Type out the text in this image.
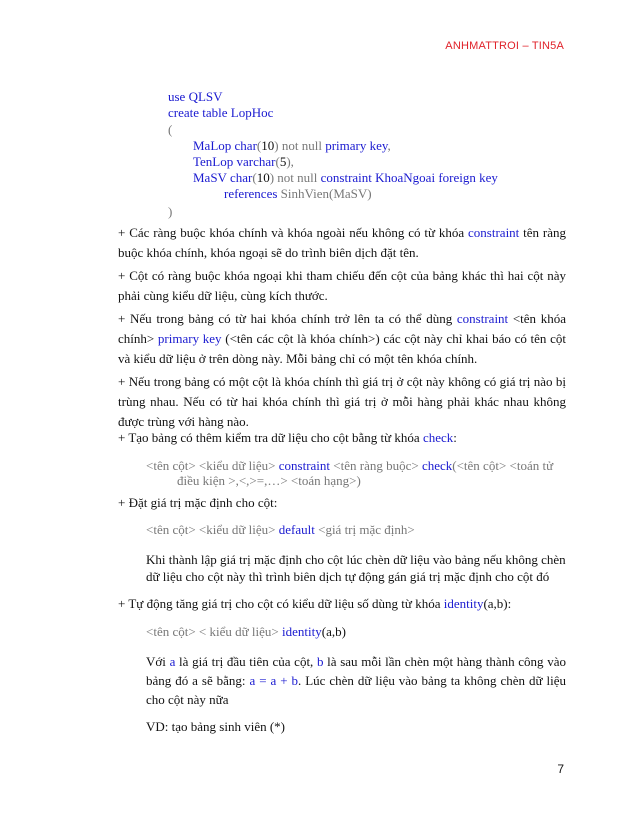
ANHMATTROI – TIN5A
use QLSV
create table LopHoc
(
MaLop char(10) not null primary key,
TenLop varchar(5),
MaSV char(10) not null constraint KhoaNgoai foreign key
references SinhVien(MaSV)
)
+ Các ràng buộc khóa chính và khóa ngoài nếu không có từ khóa constraint tên ràng buộc khóa chính, khóa ngoại sẽ do trình biên dịch đặt tên.
+ Cột có ràng buộc khóa ngoại khi tham chiếu đến cột của bảng khác thì hai cột này phải cùng kiểu dữ liệu, cùng kích thước.
+ Nếu trong bảng có từ hai khóa chính trở lên ta có thể dùng constraint <tên khóa chính> primary key (<tên các cột là khóa chính>) các cột này chỉ khai báo có tên cột và kiểu dữ liệu ở trên dòng này. Mỗi bảng chỉ có một tên khóa chính.
+ Nếu trong bảng có một cột là khóa chính thì giá trị ở cột này không có giá trị nào bị trùng nhau. Nếu có từ hai khóa chính thì giá trị ở mỗi hàng phải khác nhau không được trùng với hàng nào.
+ Tạo bảng có thêm kiểm tra dữ liệu cho cột bằng từ khóa check:
<tên cột> <kiểu dữ liệu> constraint <tên ràng buộc> check(<tên cột> <toán tử
điều kiện >,<,>=,…> <toán hạng>)
+ Đặt giá trị mặc định cho cột:
<tên cột> <kiểu dữ liệu> default <giá trị mặc định>
Khi thành lập giá trị mặc định cho cột lúc chèn dữ liệu vào bảng nếu không chèn dữ liệu cho cột này thì trình biên dịch tự động gán giá trị mặc định cho cột đó
+ Tự động tăng giá trị cho cột có kiểu dữ liệu số dùng từ khóa identity(a,b):
<tên cột> < kiểu dữ liệu> identity(a,b)
Với a là giá trị đầu tiên của cột, b là sau mỗi lần chèn một hàng thành công vào bảng đó a sẽ bằng: a = a + b. Lúc chèn dữ liệu vào bảng ta không chèn dữ liệu cho cột này nữa
VD: tạo bảng sinh viên (*)
7
